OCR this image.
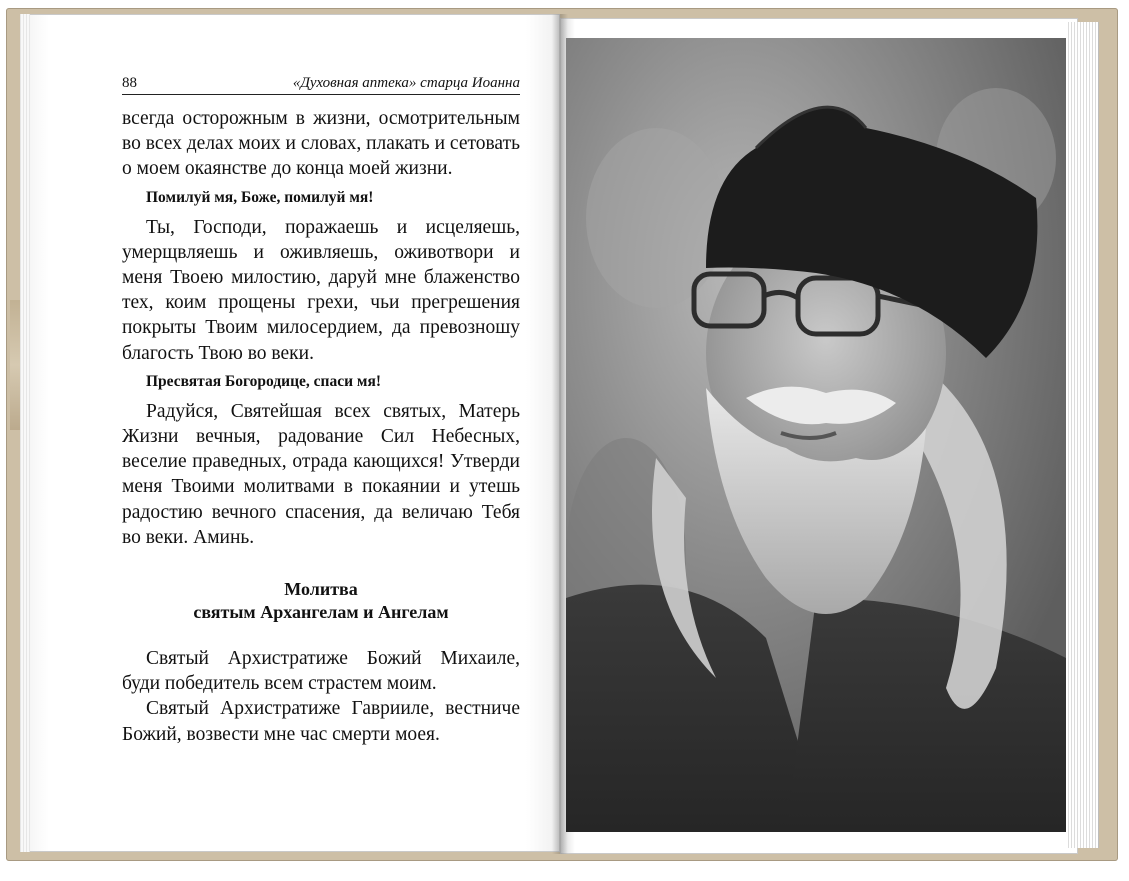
88	«Духовная аптека» старца Иоанна

всегда осторожным в жизни, осмотрительным во всех делах моих и словах, плакать и сетовать о моем окаянстве до конца моей жизни.

Помилуй мя, Боже, помилуй мя!

Ты, Господи, поражаешь и исцеляешь, умерщвляешь и оживляешь, оживотвори и меня Твоею милостию, даруй мне блаженство тех, коим прощены грехи, чьи прегрешения покрыты Твоим милосердием, да превозношу благость Твою во веки.

Пресвятая Богородице, спаси мя!

Радуйся, Святейшая всех святых, Матерь Жизни вечныя, радование Сил Небесных, веселие праведных, отрада кающихся! Утверди меня Твоими молитвами в покаянии и утешь радостию вечного спасения, да величаю Тебя во веки. Аминь.

Молитва
святым Архангелам и Ангелам

Святый Архистратиже Божий Михаиле, буди победитель всем страстем моим.

Святый Архистратиже Гаврииле, вестниче Божий, возвести мне час смерти моея.
